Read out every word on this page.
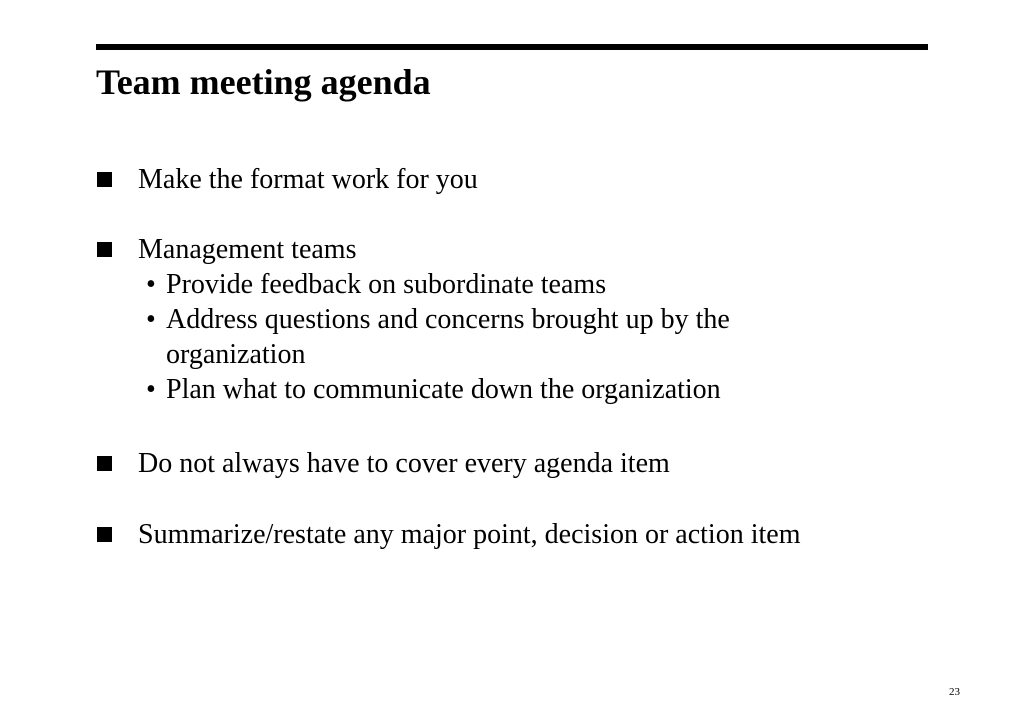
Team meeting agenda
Make the format work for you
Management teams
• Provide feedback on subordinate teams
• Address questions and concerns brought up by the organization
• Plan what to communicate down the organization
Do not always have to cover every agenda item
Summarize/restate any major point, decision or action item
23
